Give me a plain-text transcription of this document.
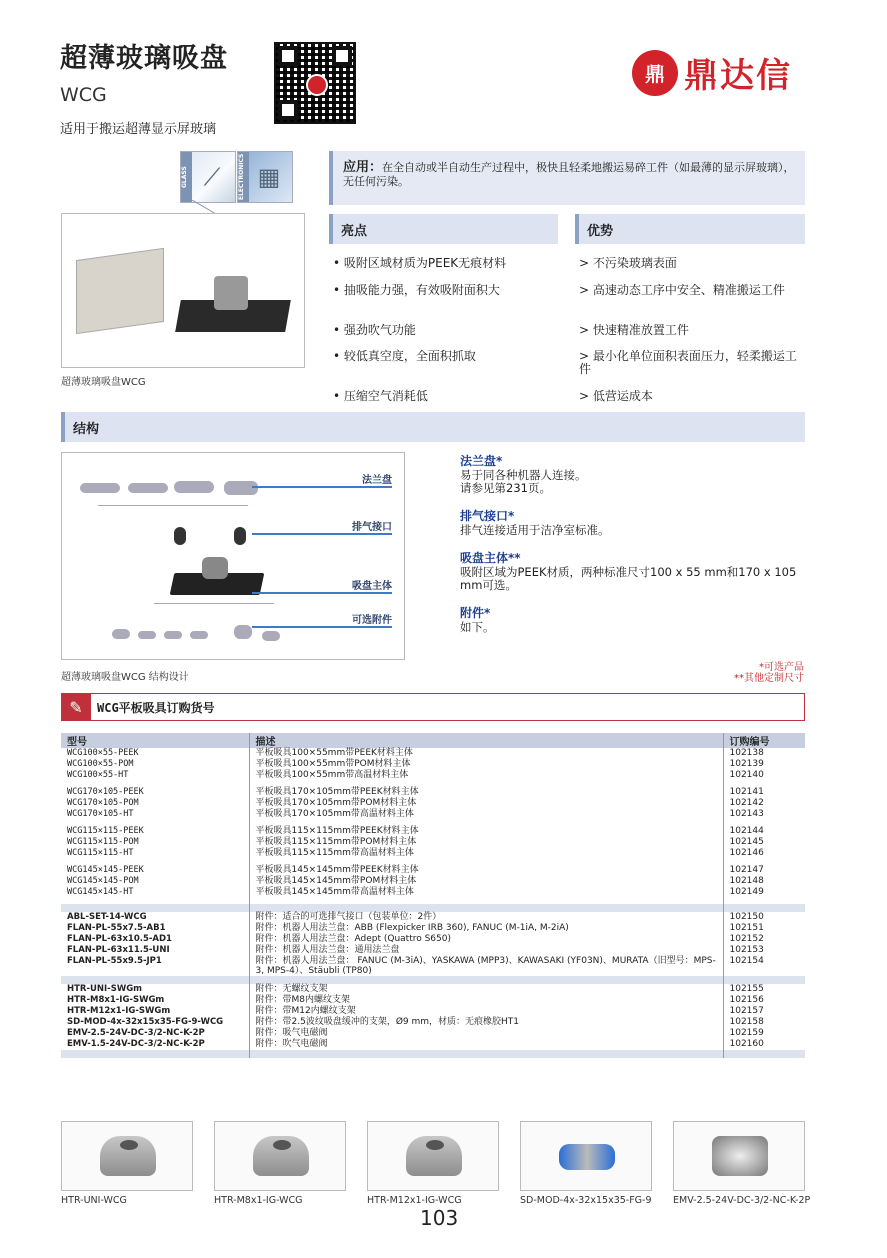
超薄玻璃吸盘
WCG
适用于搬运超薄显示屏玻璃
鼎 鼎达信
GLASS ⟋	ELECTRONICS ▦
超薄玻璃吸盘WCG
应用：在全自动或半自动生产过程中，极快且轻柔地搬运易碎工件（如最薄的显示屏玻璃），无任何污染。
亮点	优势
• 吸附区域材质为PEEK无痕材料
• 抽吸能力强，有效吸附面积大
• 强劲吹气功能
• 较低真空度，全面积抓取
• 压缩空气消耗低
> 不污染玻璃表面
> 高速动态工序中安全、精准搬运工件
> 快速精准放置工件
> 最小化单位面积表面压力，轻柔搬运工件
> 低营运成本
结构
法兰盘
排气接口
吸盘主体
可选附件
超薄玻璃吸盘WCG 结构设计
法兰盘*
易于同各种机器人连接。
请参见第231页。
排气接口*
排气连接适用于洁净室标准。
吸盘主体**
吸附区域为PEEK材质，两种标准尺寸100 x 55 mm和170 x 105 mm可选。
附件*
如下。
*可选产品
**其他定制尺寸
✎	WCG平板吸具订购货号
型号	描述	订购编号
WCG100×55-PEEK	平板吸具100×55mm带PEEK材料主体	102138
WCG100×55-POM	平板吸具100×55mm带POM材料主体	102139
WCG100×55-HT	平板吸具100×55mm带高温材料主体	102140

WCG170×105-PEEK	平板吸具170×105mm带PEEK材料主体	102141
WCG170×105-POM	平板吸具170×105mm带POM材料主体	102142
WCG170×105-HT	平板吸具170×105mm带高温材料主体	102143

WCG115×115-PEEK	平板吸具115×115mm带PEEK材料主体	102144
WCG115×115-POM	平板吸具115×115mm带POM材料主体	102145
WCG115×115-HT	平板吸具115×115mm带高温材料主体	102146

WCG145×145-PEEK	平板吸具145×145mm带PEEK材料主体	102147
WCG145×145-POM	平板吸具145×145mm带POM材料主体	102148
WCG145×145-HT	平板吸具145×145mm带高温材料主体	102149

ABL-SET-14-WCG	附件：适合的可选排气接口（包装单位：2件）	102150
FLAN-PL-55x7.5-AB1	附件：机器人用法兰盘：ABB (Flexpicker IRB 360), FANUC (M-1iA, M-2iA)	102151
FLAN-PL-63x10.5-AD1	附件：机器人用法兰盘：Adept (Quattro S650)	102152
FLAN-PL-63x11.5-UNI	附件：机器人用法兰盘：通用法兰盘	102153
FLAN-PL-55x9.5-JP1	附件：机器人用法兰盘： FANUC (M-3iA)、YASKAWA (MPP3)、KAWASAKI (YF03N)、MURATA（旧型号：MPS-3, MPS-4）、Stäubli (TP80)	102154

HTR-UNI-SWGm	附件：无螺纹支架	102155
HTR-M8x1-IG-SWGm	附件：带M8内螺纹支架	102156
HTR-M12x1-IG-SWGm	附件：带M12内螺纹支架	102157
SD-MOD-4x-32x15x35-FG-9-WCG	附件：带2.5波纹吸盘缓冲的支架，Ø9 mm，材质：无痕橡胶HT1	102158
EMV-2.5-24V-DC-3/2-NC-K-2P	附件：吸气电磁阀	102159
EMV-1.5-24V-DC-3/2-NC-K-2P	附件：吹气电磁阀	102160

HTR-UNI-WCG	HTR-M8x1-IG-WCG	HTR-M12x1-IG-WCG	SD-MOD-4x-32x15x35-FG-9 EMV-2.5-24V-DC-3/2-NC-K-2P
103
